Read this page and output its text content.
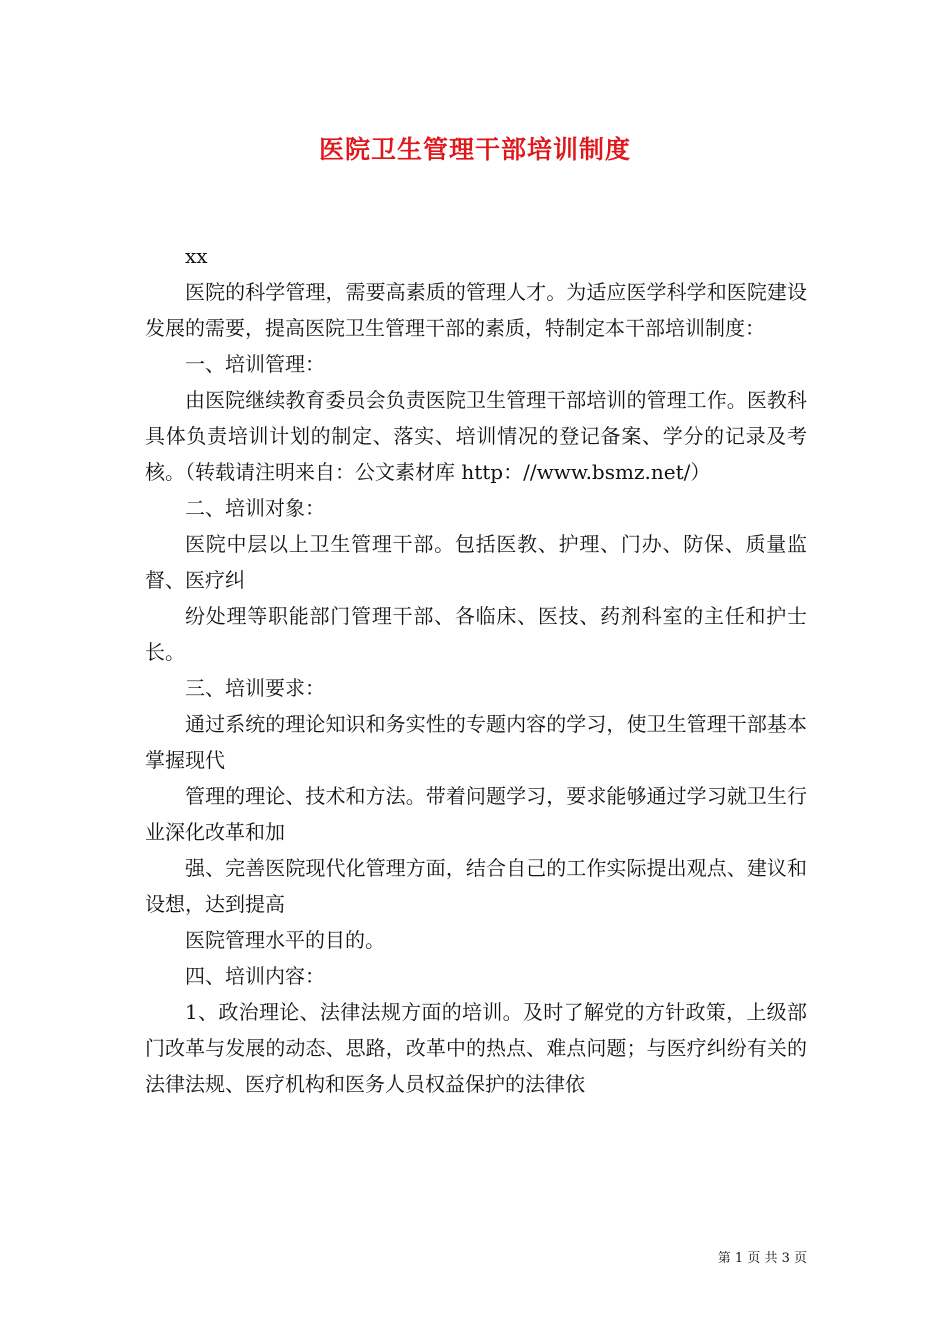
医院卫生管理干部培训制度

xx

医院的科学管理，需要高素质的管理人才。为适应医学科学和医院建设发展的需要，提高医院卫生管理干部的素质，特制定本干部培训制度：

一、培训管理：

由医院继续教育委员会负责医院卫生管理干部培训的管理工作。医教科具体负责培训计划的制定、落实、培训情况的登记备案、学分的记录及考核。（转载请注明来自：公文素材库 http：//www.bsmz.net/）

二、培训对象：

医院中层以上卫生管理干部。包括医教、护理、门办、防保、质量监督、医疗纠

纷处理等职能部门管理干部、各临床、医技、药剂科室的主任和护士长。

三、培训要求：

通过系统的理论知识和务实性的专题内容的学习，使卫生管理干部基本掌握现代

管理的理论、技术和方法。带着问题学习，要求能够通过学习就卫生行业深化改革和加

强、完善医院现代化管理方面，结合自己的工作实际提出观点、建议和设想，达到提高

医院管理水平的目的。

四、培训内容：

1、政治理论、法律法规方面的培训。及时了解党的方针政策，上级部门改革与发展的动态、思路，改革中的热点、难点问题；与医疗纠纷有关的法律法规、医疗机构和医务人员权益保护的法律依

第 1 页 共 3 页
